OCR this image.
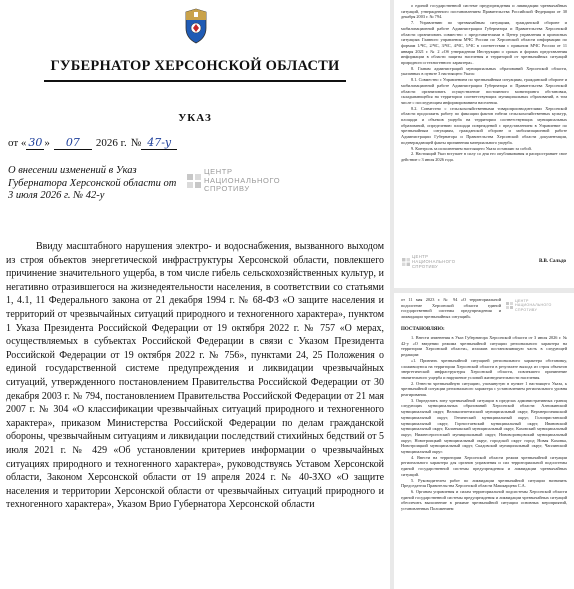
ГУБЕРНАТОР ХЕРСОНСКОЙ ОБЛАСТИ
УКАЗ
от « 30 »	07	2026 г. № 47-у
О внесении изменений в Указ Губернатора Херсонской области от 3 июля 2026 г. № 42-у
ЦЕНТР
НАЦИОНАЛЬНОГО
СПРОТИВУ

Ввиду масштабного нарушения электро- и водоснабжения, вызванного выходом из строя объектов энергетической инфраструктуры Херсонской области, повлекшего причинение значительного ущерба, в том числе гибель сельскохозяйственных культур, и негативно отразившегося на жизнедеятельности населения, в соответствии со статьями 1, 4.1, 11 Федерального закона от 21 декабря 1994 г. № 68-ФЗ «О защите населения и территорий от чрезвычайных ситуаций природного и техногенного характера», пунктом 1 Указа Президента Российской Федерации от 19 октября 2022 г. № 757 «О мерах, осуществляемых в субъектах Российской Федерации в связи с Указом Президента Российской Федерации от 19 октября 2022 г. № 756», пунктами 24, 25 Положения о единой государственной системе предупреждения и ликвидации чрезвычайных ситуаций, утвержденного постановлением Правительства Российской Федерации от 30 декабря 2003 г. № 794, постановлением Правительства Российской Федерации от 21 мая 2007 г. № 304 «О классификации чрезвычайных ситуаций природного и техногенного характера», приказом Министерства Российской Федерации по делам гражданской обороны, чрезвычайным ситуациям и ликвидации последствий стихийных бедствий от 5 июля 2021 г. № 429 «Об установлении критериев информации о чрезвычайных ситуациях природного и техногенного характера», руководствуясь Уставом Херсонской области, Законом Херсонской области от 19 апреля 2024 г. № 40-ЗХО «О защите населения и территории Херсонской области от чрезвычайных ситуаций природного и техногенного характера», Указом Врио Губернатора Херсонской области

о единой государственной системе предупреждения и ликвидации чрезвычайных ситуаций, утвержденного постановлением Правительства Российской Федерации от 30 декабря 2003 г. № 794.

7. Управлению по чрезвычайным ситуациям, гражданской обороне и мобилизационной работе Администрации Губернатора и Правительства Херсонской области организовать совместно с представителями в Центр управления в кризисных ситуациях Главного управления МЧС России по Херсонской области информации по формам 1/ЧС, 2/ЧС, 3/ЧС, 4/ЧС, 5/ЧС в соответствии с приказом МЧС России от 11 января 2021 г. № 2 «Об утверждении Инструкции о сроках и формах представления информации в области защиты населения и территорий от чрезвычайных ситуаций природного и техногенного характера».

8. Главам администраций муниципальных образований Херсонской области, указанных в пункте 3 настоящего Указа:

8.1. Совместно с Управлением по чрезвычайным ситуациям, гражданской обороне и мобилизационной работе Администрации Губернатора и Правительства Херсонской области организовать осуществление постоянного мониторинга обстановки, складывающейся на территории соответствующих муниципальных образований, в том числе с последующим информированием населения.

8.2. Совместно с сельскохозяйственными товаропроизводителями Херсонской области продолжить работу по фиксации фактов гибели сельскохозяйственных культур, площади и объемов ущерба на территории соответствующих муниципальных образований, определению площади повреждений с представлением в Управление по чрезвычайным ситуациям, гражданской обороне и мобилизационной работе Администрации Губернатора и Правительства Херсонской области документации, подтверждающей факты причинения материального ущерба.

9. Контроль за исполнением настоящего Указа оставляю за собой.

2. Настоящий Указ вступает в силу со дня его опубликования и распространяет свое действие с 3 июля 2026 года.

ЦЕНТР
НАЦИОНАЛЬНОГО
СПРОТИВУ
В.В. Сальдо
от 11 мая 2023 г. № 94 «О территориальной подсистеме Херсонской области единой государственной системы предупреждения и ликвидации чрезвычайных ситуаций»
ЦЕНТР
НАЦИОНАЛЬНОГО
СПРОТИВУ
ПОСТАНОВЛЯЮ:

1. Внести изменения в Указ Губернатора Херсонской области от 3 июля 2026 г. № 42-у «О введении режима чрезвычайной ситуации регионального характера на территории Херсонской области», изложив постановляющую часть в следующей редакции:

«1. Признать чрезвычайной ситуацией регионального характера обстановку, сложившуюся на территории Херсонской области в результате выхода из строя объектов энергетической инфраструктуры Херсонской области, повлекшего причинение значительного ущерба и нарушение условий жизнедеятельности населения.

2. Отнести чрезвычайную ситуацию, упомянутую в пункте 1 настоящего Указа, к чрезвычайной ситуации регионального характера с установлением регионального уровня реагирования.

3. Определить зону чрезвычайной ситуации в пределах административных границ следующих муниципальных образований Херсонской области: Алешкинский муниципальный округ, Великолепетихский муниципальный округ, Верхнерогачикский муниципальный округ, Генический муниципальный округ, Голопристанский муниципальный округ, Горностаевский муниципальный округ, Ивановский муниципальный округ, Каланчакский муниципальный округ, Каховский муниципальный округ, Нижнесерогозский муниципальный округ, Нововоронцовский муниципальный округ, Новотроицкий муниципальный округ, городской округ город Новая Каховка, Новотроицкий муниципальный округ, Скадовский муниципальный округ, Чаплинский муниципальный округ.

4. Ввести на территории Херсонской области режим чрезвычайной ситуации регионального характера для органов управления и сил территориальной подсистемы единой государственной системы предупреждения и ликвидации чрезвычайных ситуаций.

5. Руководителем работ по ликвидации чрезвычайной ситуации назначить Председателя Правительства Херсонской области Машкарцева С.А.

6. Органам управления и силам территориальной подсистемы Херсонской области единой государственной системы предупреждения и ликвидации чрезвычайных ситуаций обеспечить выполнение в режиме чрезвычайной ситуации основных мероприятий, установленных Положением
